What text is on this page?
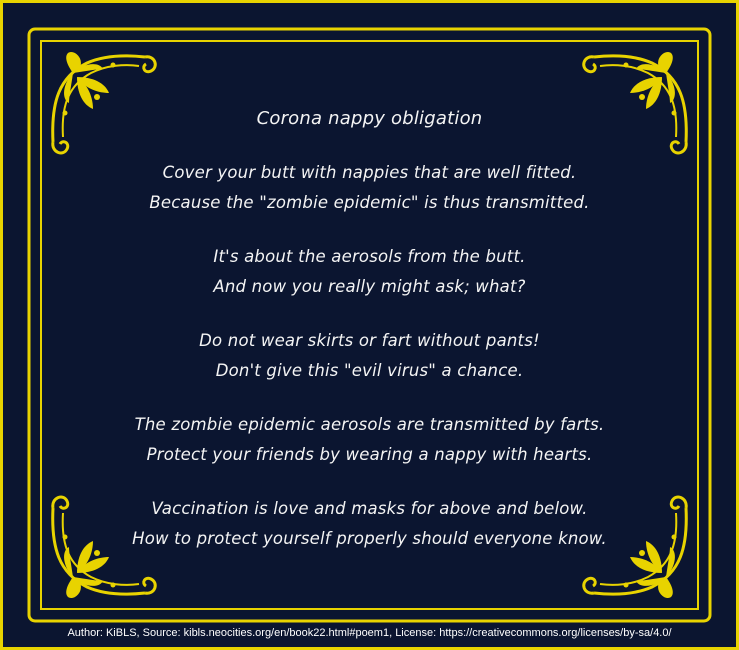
Corona nappy obligation
Cover your butt with nappies that are well fitted.
Because the "zombie epidemic" is thus transmitted.
It's about the aerosols from the butt.
And now you really might ask; what?
Do not wear skirts or fart without pants!
Don't give this "evil virus" a chance.
The zombie epidemic aerosols are transmitted by farts.
Protect your friends by wearing a nappy with hearts.
Vaccination is love and masks for above and below.
How to protect yourself properly should everyone know.
Author: KiBLS, Source: kibls.neocities.org/en/book22.html#poem1, License: https://creativecommons.org/licenses/by-sa/4.0/
